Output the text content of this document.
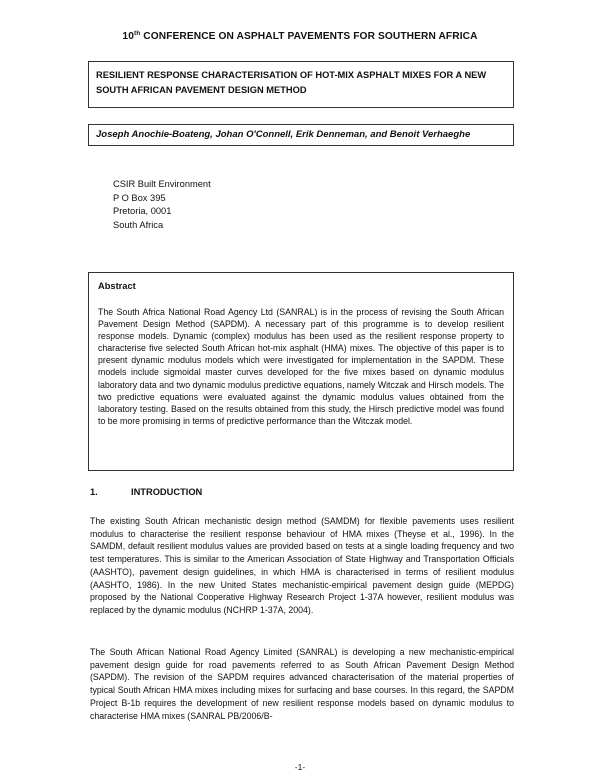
10th CONFERENCE ON ASPHALT PAVEMENTS FOR SOUTHERN AFRICA
RESILIENT RESPONSE CHARACTERISATION OF HOT-MIX ASPHALT MIXES FOR A NEW SOUTH AFRICAN PAVEMENT DESIGN METHOD
Joseph Anochie-Boateng, Johan O'Connell, Erik Denneman, and Benoit Verhaeghe
CSIR Built Environment
P O Box 395
Pretoria, 0001
South Africa
Abstract
The South Africa National Road Agency Ltd (SANRAL) is in the process of revising the South African Pavement Design Method (SAPDM). A necessary part of this programme is to develop resilient response models. Dynamic (complex) modulus has been used as the resilient response property to characterise five selected South African hot-mix asphalt (HMA) mixes. The objective of this paper is to present dynamic modulus models which were investigated for implementation in the SAPDM. These models include sigmoidal master curves developed for the five mixes based on dynamic modulus laboratory data and two dynamic modulus predictive equations, namely Witczak and Hirsch models. The two predictive equations were evaluated against the dynamic modulus values obtained from the laboratory testing. Based on the results obtained from this study, the Hirsch predictive model was found to be more promising in terms of predictive performance than the Witczak model.
1.	INTRODUCTION
The existing South African mechanistic design method (SAMDM) for flexible pavements uses resilient modulus to characterise the resilient response behaviour of HMA mixes (Theyse et al., 1996). In the SAMDM, default resilient modulus values are provided based on tests at a single loading frequency and two test temperatures. This is similar to the American Association of State Highway and Transportation Officials (AASHTO), pavement design guidelines, in which HMA is characterised in terms of resilient modulus (AASHTO, 1986). In the new United States mechanistic-empirical pavement design guide (MEPDG) proposed by the National Cooperative Highway Research Project 1-37A however, resilient modulus was replaced by the dynamic modulus (NCHRP 1-37A, 2004).
The South African National Road Agency Limited (SANRAL) is developing a new mechanistic-empirical pavement design guide for road pavements referred to as South African Pavement Design Method (SAPDM). The revision of the SAPDM requires advanced characterisation of the material properties of typical South African HMA mixes including mixes for surfacing and base courses. In this regard, the SAPDM Project B-1b requires the development of new resilient response models based on dynamic modulus to characterise HMA mixes (SANRAL PB/2006/B-
-1-
